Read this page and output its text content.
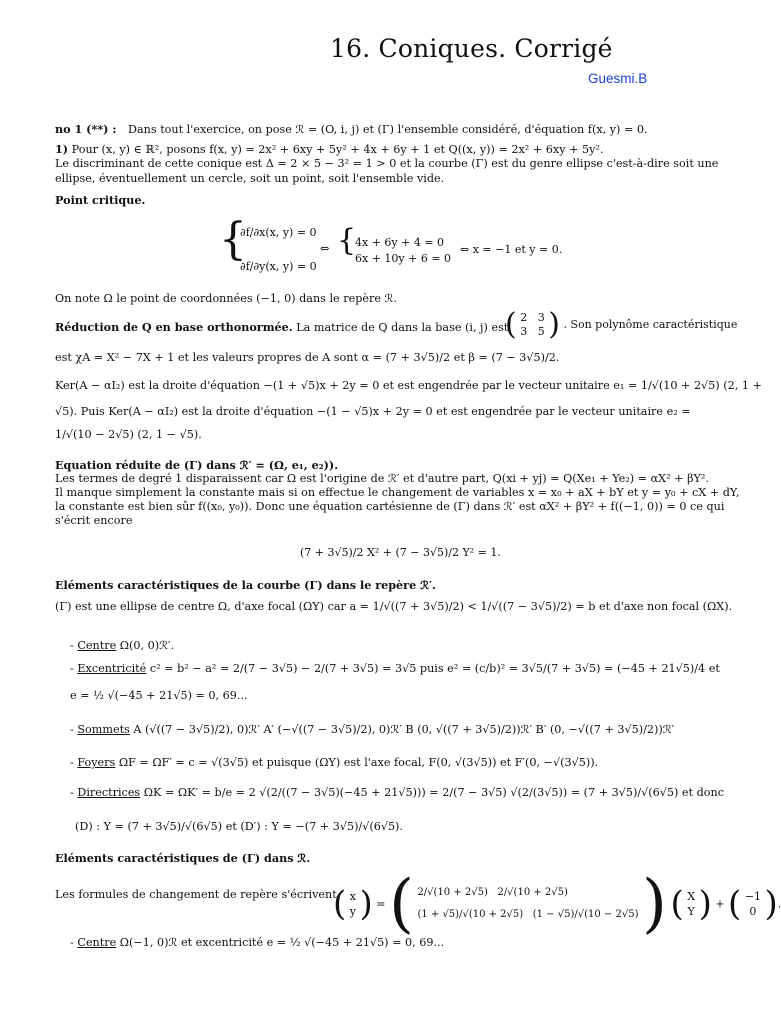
16. Coniques. Corrigé
Guesmi.B
no 1 (**) : Dans tout l'exercice, on pose ℛ = (O, i, j) et (Γ) l'ensemble considéré, d'équation f(x, y) = 0.
1) Pour (x, y) ∈ ℝ², posons f(x, y) = 2x² + 6xy + 5y² + 4x + 6y + 1 et Q((x, y)) = 2x² + 6xy + 5y².
Le discriminant de cette conique est Δ = 2 × 5 − 3² = 1 > 0 et la courbe (Γ) est du genre ellipse c'est-à-dire soit une
ellipse, éventuellement un cercle, soit un point, soit l'ensemble vide.
Point critique.
{
∂f/∂x(x, y) = 0
∂f/∂y(x, y) = 0
⇔ {
4x + 6y + 4 = 0
6x + 10y + 6 = 0
⇔ x = −1 et y = 0.
On note Ω le point de coordonnées (−1, 0) dans le repère ℛ.
Réduction de Q en base orthonormée. La matrice de Q dans la base (i, j) est
( 2 3
3 5 ) . Son polynôme caractéristique
est χA = X² − 7X + 1 et les valeurs propres de A sont α = (7 + 3√5)/2 et β = (7 − 3√5)/2.
Ker(A − αI₂) est la droite d'équation −(1 + √5)x + 2y = 0 et est engendrée par le vecteur unitaire e₁ = 1/√(10 + 2√5) (2, 1 +
√5). Puis Ker(A − αI₂) est la droite d'équation −(1 − √5)x + 2y = 0 et est engendrée par le vecteur unitaire e₂ =
1/√(10 − 2√5) (2, 1 − √5).
Equation réduite de (Γ) dans ℛ′ = (Ω, e₁, e₂)).
Les termes de degré 1 disparaissent car Ω est l'origine de ℛ′ et d'autre part, Q(xi + yj) = Q(Xe₁ + Ye₂) = αX² + βY².
Il manque simplement la constante mais si on effectue le changement de variables x = x₀ + aX + bY et y = y₀ + cX + dY,
la constante est bien sûr f((x₀, y₀)). Donc une équation cartésienne de (Γ) dans ℛ′ est αX² + βY² + f((−1, 0)) = 0 ce qui
s'écrit encore
(7 + 3√5)/2 X² + (7 − 3√5)/2 Y² = 1.
Eléments caractéristiques de la courbe (Γ) dans le repère ℛ′.
(Γ) est une ellipse de centre Ω, d'axe focal (ΩY) car a = 1/√((7 + 3√5)/2) < 1/√((7 − 3√5)/2) = b et d'axe non focal (ΩX).
- Centre Ω(0, 0)ℛ′.
- Excentricité c² = b² − a² = 2/(7 − 3√5) − 2/(7 + 3√5) = 3√5 puis e² = (c/b)² = 3√5/(7 + 3√5) = (−45 + 21√5)/4 et
e = ½ √(−45 + 21√5) = 0, 69...
- Sommets A (√((7 − 3√5)/2), 0)ℛ′ A′ (−√((7 − 3√5)/2), 0)ℛ′ B (0, √((7 + 3√5)/2))ℛ′ B′ (0, −√((7 + 3√5)/2))ℛ′
- Foyers ΩF = ΩF′ = c = √(3√5) et puisque (ΩY) est l'axe focal, F(0, √(3√5)) et F′(0, −√(3√5)).
- Directrices ΩK = ΩK′ = b/e = 2 √(2/((7 − 3√5)(−45 + 21√5))) = 2/(7 − 3√5) √(2/(3√5)) = (7 + 3√5)/√(6√5) et donc
(D) : Y = (7 + 3√5)/√(6√5) et (D′) : Y = −(7 + 3√5)/√(6√5).
Eléments caractéristiques de (Γ) dans ℛ.
Les formules de changement de repère s'écrivent
( x
y ) = ( 2/√(10 + 2√5) 2/√(10 + 2√5)
(1 + √5)/√(10 + 2√5) (1 − √5)/√(10 − 2√5) ) ( X
Y ) + ( −1
0 ).
- Centre Ω(−1, 0)ℛ et excentricité e = ½ √(−45 + 21√5) = 0, 69...
